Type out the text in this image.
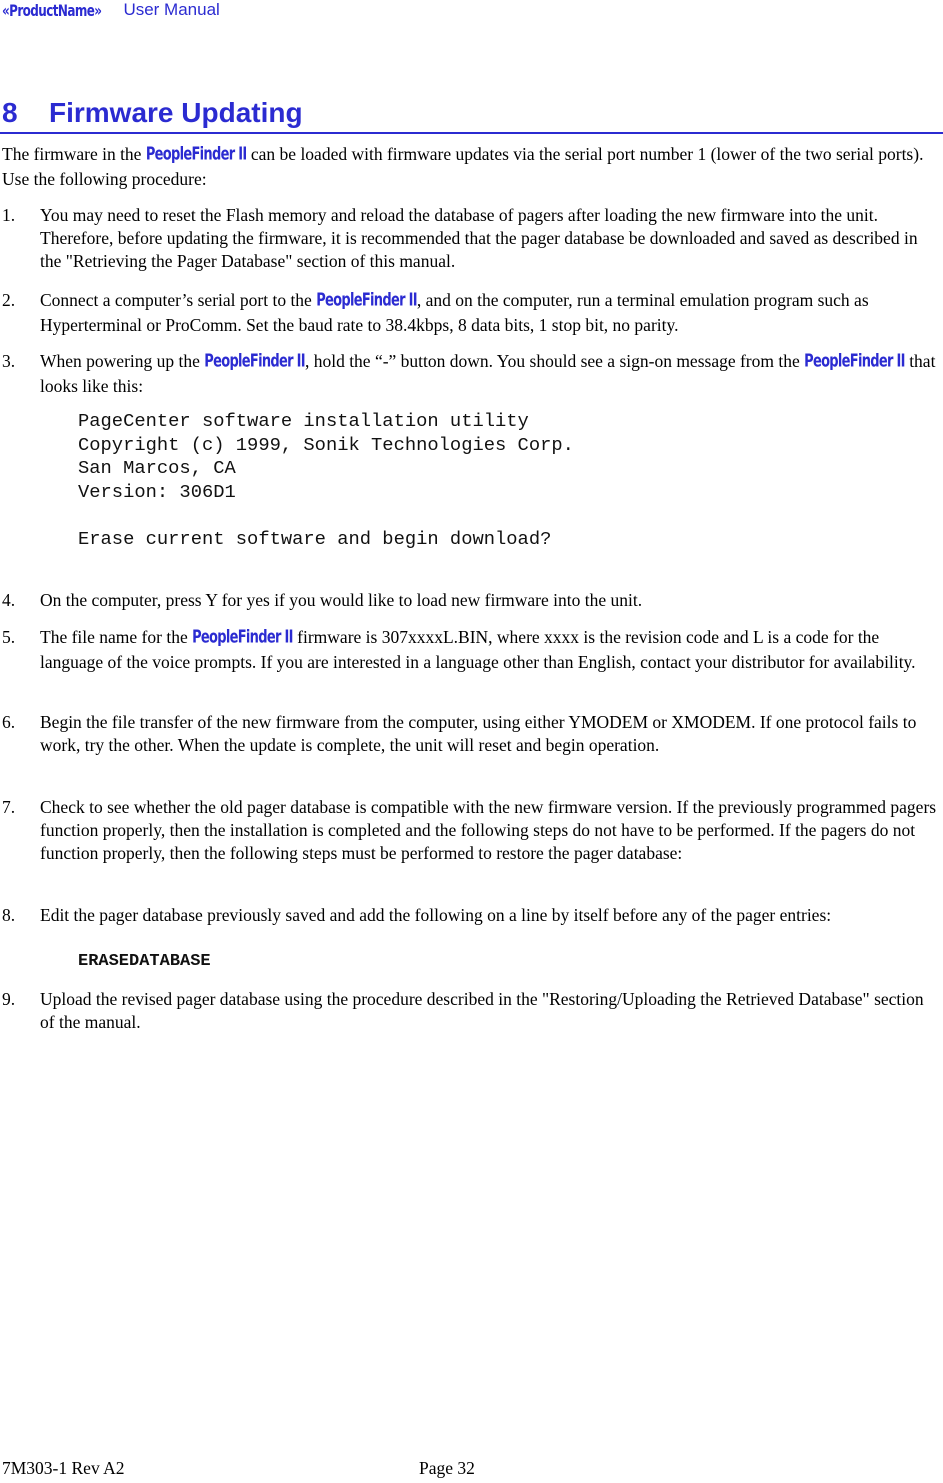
«ProductName» User Manual
8 Firmware Updating
The firmware in the PeopleFinder II can be loaded with firmware updates via the serial port number 1 (lower of the two serial ports). Use the following procedure:
1. You may need to reset the Flash memory and reload the database of pagers after loading the new firmware into the unit. Therefore, before updating the firmware, it is recommended that the pager database be downloaded and saved as described in the "Retrieving the Pager Database" section of this manual.
2. Connect a computer’s serial port to the PeopleFinder II, and on the computer, run a terminal emulation program such as Hyperterminal or ProComm. Set the baud rate to 38.4kbps, 8 data bits, 1 stop bit, no parity.
3. When powering up the PeopleFinder II, hold the “-” button down. You should see a sign-on message from the PeopleFinder II that looks like this:
PageCenter software installation utility
Copyright (c) 1999, Sonik Technologies Corp.
San Marcos, CA
Version: 306D1
Erase current software and begin download?
4. On the computer, press Y for yes if you would like to load new firmware into the unit.
5. The file name for the PeopleFinder II firmware is 307xxxxL.BIN, where xxxx is the revision code and L is a code for the language of the voice prompts. If you are interested in a language other than English, contact your distributor for availability.
6. Begin the file transfer of the new firmware from the computer, using either YMODEM or XMODEM. If one protocol fails to work, try the other. When the update is complete, the unit will reset and begin operation.
7. Check to see whether the old pager database is compatible with the new firmware version. If the previously programmed pagers function properly, then the installation is completed and the following steps do not have to be performed. If the pagers do not function properly, then the following steps must be performed to restore the pager database:
8. Edit the pager database previously saved and add the following on a line by itself before any of the pager entries:
ERASEDATABASE
9. Upload the revised pager database using the procedure described in the "Restoring/Uploading the Retrieved Database" section of the manual.
7M303-1 Rev A2	Page 32
